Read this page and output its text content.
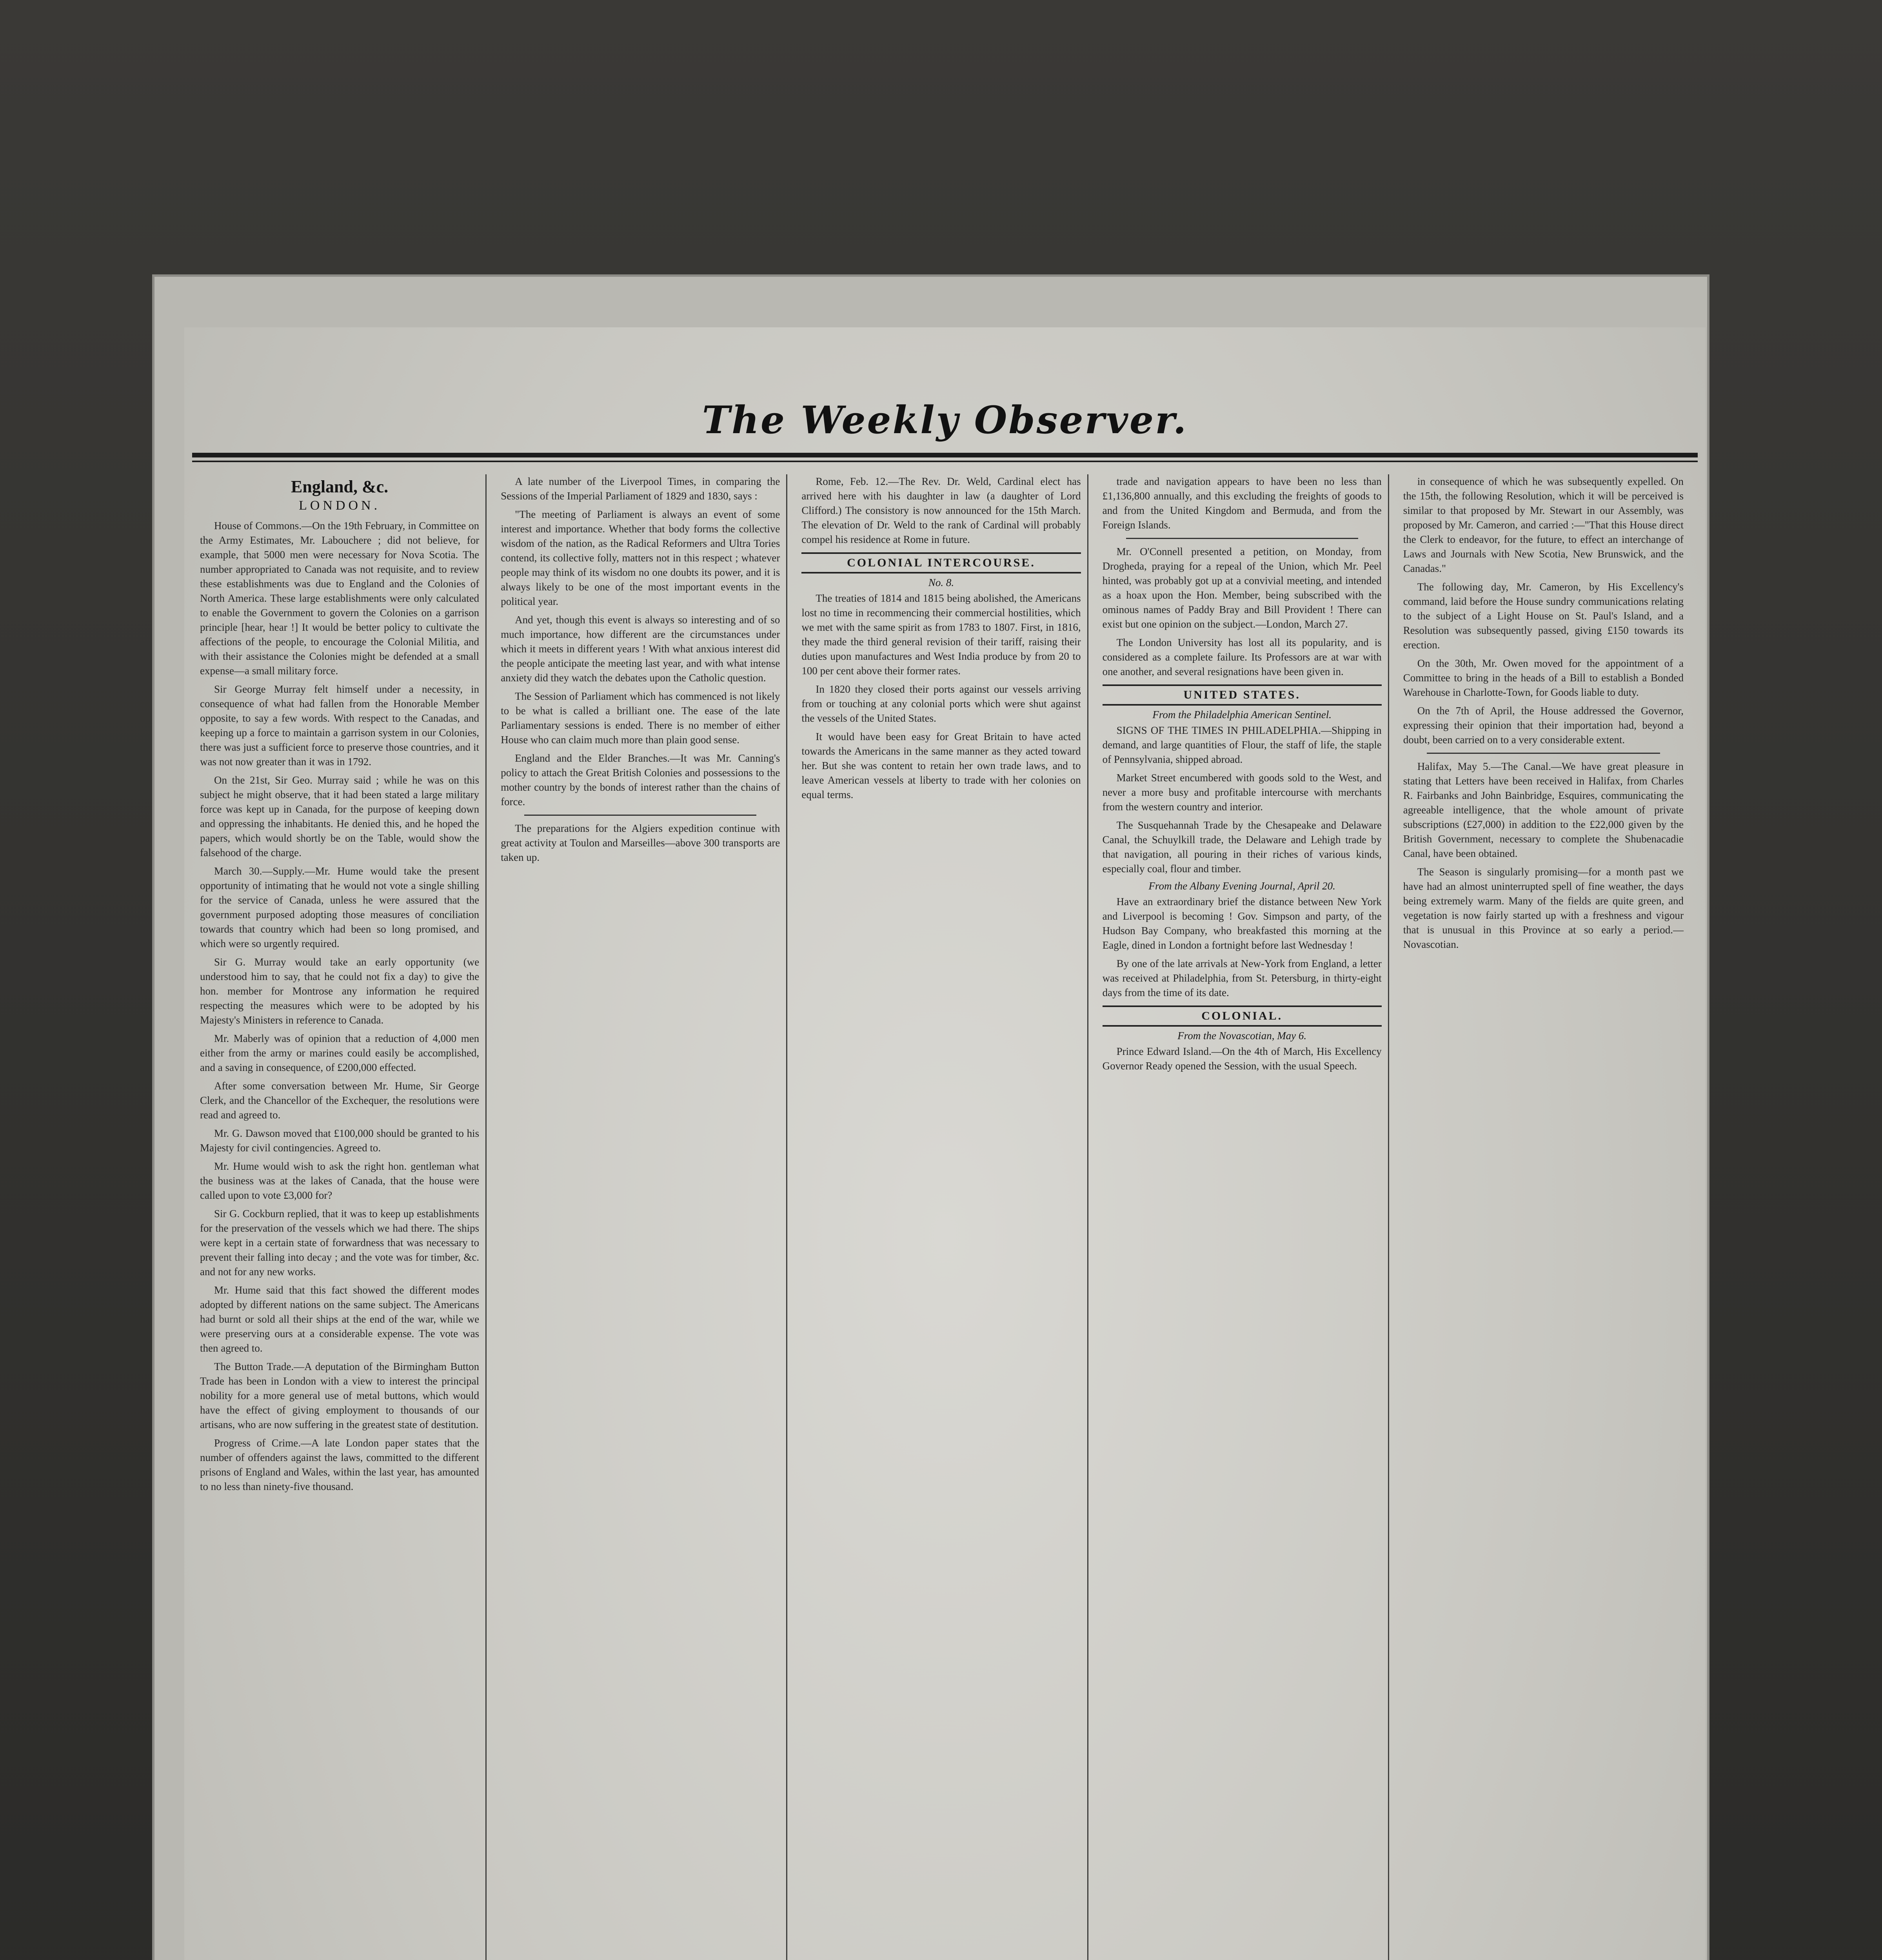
The Weekly Observer.
England, &c.
LONDON.

House of Commons.—On the 19th February, in Committee on the Army Estimates, Mr. Labouchere ; did not believe, for example, that 5000 men were necessary for Nova Scotia. The number appropriated to Canada was not requisite, and to review these establishments was due to England and the Colonies of North America. These large establishments were only calculated to enable the Government to govern the Colonies on a garrison principle [hear, hear !] It would be better policy to cultivate the affections of the people, to encourage the Colonial Militia, and with their assistance the Colonies might be defended at a small expense—a small military force.

Sir George Murray felt himself under a necessity, in consequence of what had fallen from the Honorable Member opposite, to say a few words. With respect to the Canadas, and keeping up a force to maintain a garrison system in our Colonies, there was just a sufficient force to preserve those countries, and it was not now greater than it was in 1792.

On the 21st, Sir Geo. Murray said ; while he was on this subject he might observe, that it had been stated a large military force was kept up in Canada, for the purpose of keeping down and oppressing the inhabitants. He denied this, and he hoped the papers, which would shortly be on the Table, would show the falsehood of the charge.

March 30.—Supply.—Mr. Hume would take the present opportunity of intimating that he would not vote a single shilling for the service of Canada, unless he were assured that the government purposed adopting those measures of conciliation towards that country which had been so long promised, and which were so urgently required.

Sir G. Murray would take an early opportunity (we understood him to say, that he could not fix a day) to give the hon. member for Montrose any information he required respecting the measures which were to be adopted by his Majesty's Ministers in reference to Canada.

Mr. Maberly was of opinion that a reduction of 4,000 men either from the army or marines could easily be accomplished, and a saving in consequence, of £200,000 effected.

After some conversation between Mr. Hume, Sir George Clerk, and the Chancellor of the Exchequer, the resolutions were read and agreed to.

Mr. G. Dawson moved that £100,000 should be granted to his Majesty for civil contingencies. Agreed to.

Mr. Hume would wish to ask the right hon. gentleman what the business was at the lakes of Canada, that the house were called upon to vote £3,000 for?

Sir G. Cockburn replied, that it was to keep up establishments for the preservation of the vessels which we had there. The ships were kept in a certain state of forwardness that was necessary to prevent their falling into decay ; and the vote was for timber, &c. and not for any new works.

Mr. Hume said that this fact showed the different modes adopted by different nations on the same subject. The Americans had burnt or sold all their ships at the end of the war, while we were preserving ours at a considerable expense. The vote was then agreed to.

The Button Trade.—A deputation of the Birmingham Button Trade has been in London with a view to interest the principal nobility for a more general use of metal buttons, which would have the effect of giving employment to thousands of our artisans, who are now suffering in the greatest state of destitution.

Progress of Crime.—A late London paper states that the number of offenders against the laws, committed to the different prisons of England and Wales, within the last year, has amounted to no less than ninety-five thousand.

A late number of the Liverpool Times, in comparing the Sessions of the Imperial Parliament of 1829 and 1830, says :

"The meeting of Parliament is always an event of some interest and importance. Whether that body forms the collective wisdom of the nation, as the Radical Reformers and Ultra Tories contend, its collective folly, matters not in this respect ; whatever people may think of its wisdom no one doubts its power, and it is always likely to be one of the most important events in the political year.

And yet, though this event is always so interesting and of so much importance, how different are the circumstances under which it meets in different years ! With what anxious interest did the people anticipate the meeting last year, and with what intense anxiety did they watch the debates upon the Catholic question.

The Session of Parliament which has commenced is not likely to be what is called a brilliant one. The ease of the late Parliamentary sessions is ended. There is no member of either House who can claim much more than plain good sense.

England and the Elder Branches.—It was Mr. Canning's policy to attach the Great British Colonies and possessions to the mother country by the bonds of interest rather than the chains of force.

The preparations for the Algiers expedition continue with great activity at Toulon and Marseilles—above 300 transports are taken up.

Rome, Feb. 12.—The Rev. Dr. Weld, Cardinal elect has arrived here with his daughter in law (a daughter of Lord Clifford.) The consistory is now announced for the 15th March. The elevation of Dr. Weld to the rank of Cardinal will probably compel his residence at Rome in future.

COLONIAL INTERCOURSE.
No. 8.

The treaties of 1814 and 1815 being abolished, the Americans lost no time in recommencing their commercial hostilities, which we met with the same spirit as from 1783 to 1807. First, in 1816, they made the third general revision of their tariff, raising their duties upon manufactures and West India produce by from 20 to 100 per cent above their former rates.

In 1820 they closed their ports against our vessels arriving from or touching at any colonial ports which were shut against the vessels of the United States.

It would have been easy for Great Britain to have acted towards the Americans in the same manner as they acted toward her. But she was content to retain her own trade laws, and to leave American vessels at liberty to trade with her colonies on equal terms.

trade and navigation appears to have been no less than £1,136,800 annually, and this excluding the freights of goods to and from the United Kingdom and Bermuda, and from the Foreign Islands.

Mr. O'Connell presented a petition, on Monday, from Drogheda, praying for a repeal of the Union, which Mr. Peel hinted, was probably got up at a convivial meeting, and intended as a hoax upon the Hon. Member, being subscribed with the ominous names of Paddy Bray and Bill Provident ! There can exist but one opinion on the subject.—London, March 27.

The London University has lost all its popularity, and is considered as a complete failure. Its Professors are at war with one another, and several resignations have been given in.

UNITED STATES.
From the Philadelphia American Sentinel.

SIGNS OF THE TIMES IN PHILADELPHIA.—Shipping in demand, and large quantities of Flour, the staff of life, the staple of Pennsylvania, shipped abroad.

Market Street encumbered with goods sold to the West, and never a more busy and profitable intercourse with merchants from the western country and interior.

The Susquehannah Trade by the Chesapeake and Delaware Canal, the Schuylkill trade, the Delaware and Lehigh trade by that navigation, all pouring in their riches of various kinds, especially coal, flour and timber.

From the Albany Evening Journal, April 20.

Have an extraordinary brief the distance between New York and Liverpool is becoming ! Gov. Simpson and party, of the Hudson Bay Company, who breakfasted this morning at the Eagle, dined in London a fortnight before last Wednesday !

By one of the late arrivals at New-York from England, a letter was received at Philadelphia, from St. Petersburg, in thirty-eight days from the time of its date.

COLONIAL.
From the Novascotian, May 6.

Prince Edward Island.—On the 4th of March, His Excellency Governor Ready opened the Session, with the usual Speech.

in consequence of which he was subsequently expelled. On the 15th, the following Resolution, which it will be perceived is similar to that proposed by Mr. Stewart in our Assembly, was proposed by Mr. Cameron, and carried :—"That this House direct the Clerk to endeavor, for the future, to effect an interchange of Laws and Journals with New Scotia, New Brunswick, and the Canadas."

The following day, Mr. Cameron, by His Excellency's command, laid before the House sundry communications relating to the subject of a Light House on St. Paul's Island, and a Resolution was subsequently passed, giving £150 towards its erection.

On the 30th, Mr. Owen moved for the appointment of a Committee to bring in the heads of a Bill to establish a Bonded Warehouse in Charlotte-Town, for Goods liable to duty.

On the 7th of April, the House addressed the Governor, expressing their opinion that their importation had, beyond a doubt, been carried on to a very considerable extent.

Halifax, May 5.—The Canal.—We have great pleasure in stating that Letters have been received in Halifax, from Charles R. Fairbanks and John Bainbridge, Esquires, communicating the agreeable intelligence, that the whole amount of private subscriptions (£27,000) in addition to the £22,000 given by the British Government, necessary to complete the Shubenacadie Canal, have been obtained.

The Season is singularly promising—for a month past we have had an almost uninterrupted spell of fine weather, the days being extremely warm. Many of the fields are quite green, and vegetation is now fairly started up with a freshness and vigour that is unusual in this Province at so early a period.—Novascotian.
